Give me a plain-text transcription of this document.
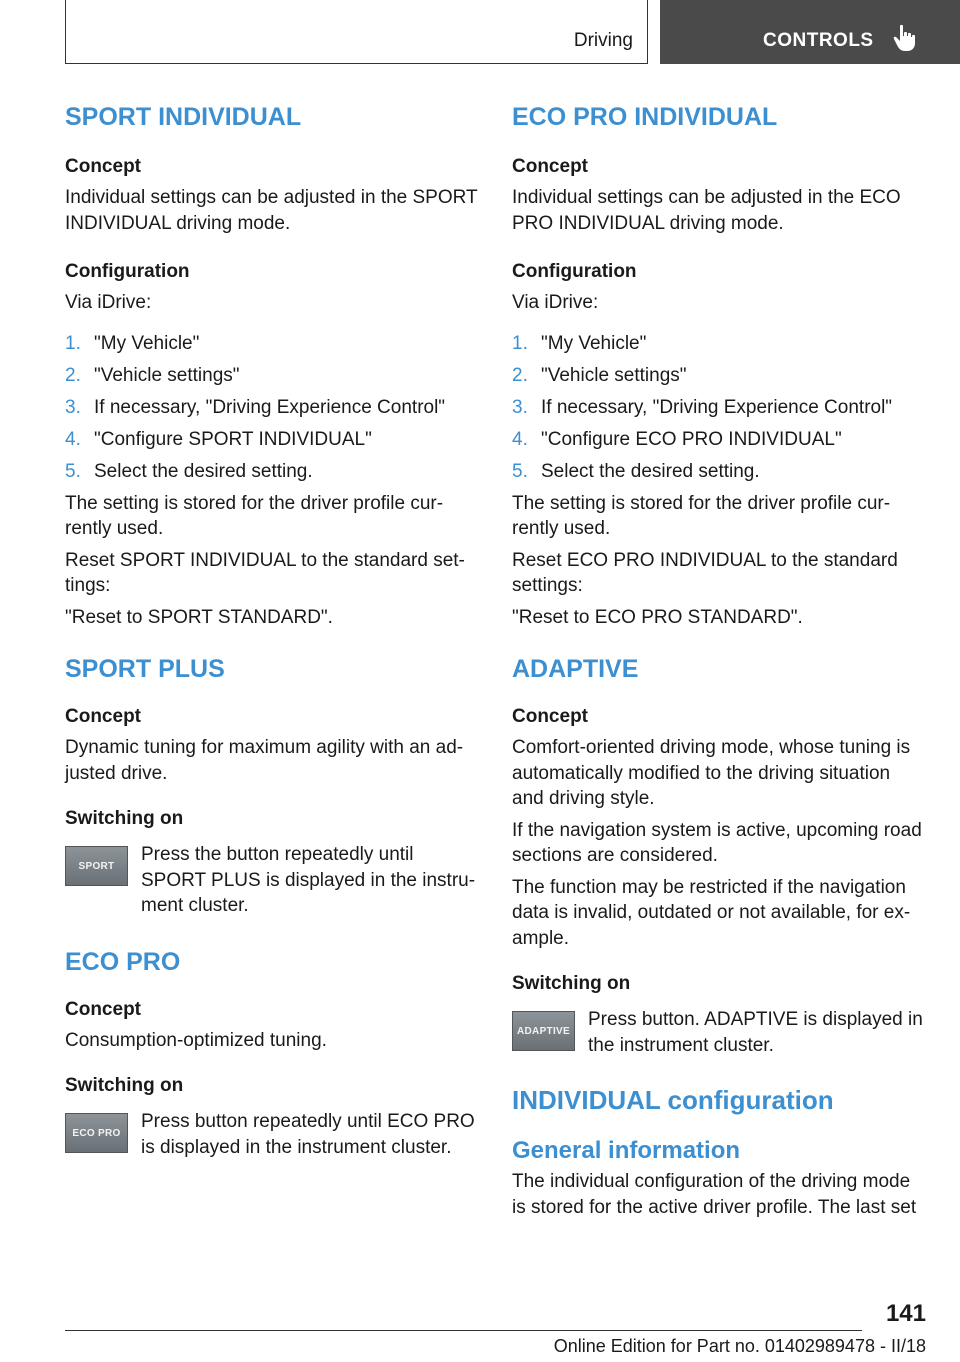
Driving	CONTROLS
SPORT INDIVIDUAL
Concept

Individual settings can be adjusted in the SPORT INDIVIDUAL driving mode.

Configuration

Via iDrive:

1. "My Vehicle"
2. "Vehicle settings"
3. If necessary, "Driving Experience Control"
4. "Configure SPORT INDIVIDUAL"
5. Select the desired setting.

The setting is stored for the driver profile cur-rently used.

Reset SPORT INDIVIDUAL to the standard set-tings:

"Reset to SPORT STANDARD".

SPORT PLUS
Concept

Dynamic tuning for maximum agility with an ad-justed drive.

Switching on
SPORT

Press the button repeatedly until SPORT PLUS is displayed in the instru-ment cluster.

ECO PRO
Concept

Consumption-optimized tuning.

Switching on
ECO PRO

Press button repeatedly until ECO PRO is displayed in the instrument cluster.

ECO PRO INDIVIDUAL
Concept

Individual settings can be adjusted in the ECO PRO INDIVIDUAL driving mode.

Configuration

Via iDrive:

1. "My Vehicle"
2. "Vehicle settings"
3. If necessary, "Driving Experience Control"
4. "Configure ECO PRO INDIVIDUAL"
5. Select the desired setting.

The setting is stored for the driver profile cur-rently used.

Reset ECO PRO INDIVIDUAL to the standard settings:

"Reset to ECO PRO STANDARD".

ADAPTIVE
Concept

Comfort-oriented driving mode, whose tuning is automatically modified to the driving situation and driving style.

If the navigation system is active, upcoming road sections are considered.

The function may be restricted if the navigation data is invalid, outdated or not available, for ex-ample.

Switching on
ADAPTIVE

Press button. ADAPTIVE is displayed in the instrument cluster.

INDIVIDUAL configuration
General information

The individual configuration of the driving mode is stored for the active driver profile. The last set

141
Online Edition for Part no. 01402989478 - II/18
